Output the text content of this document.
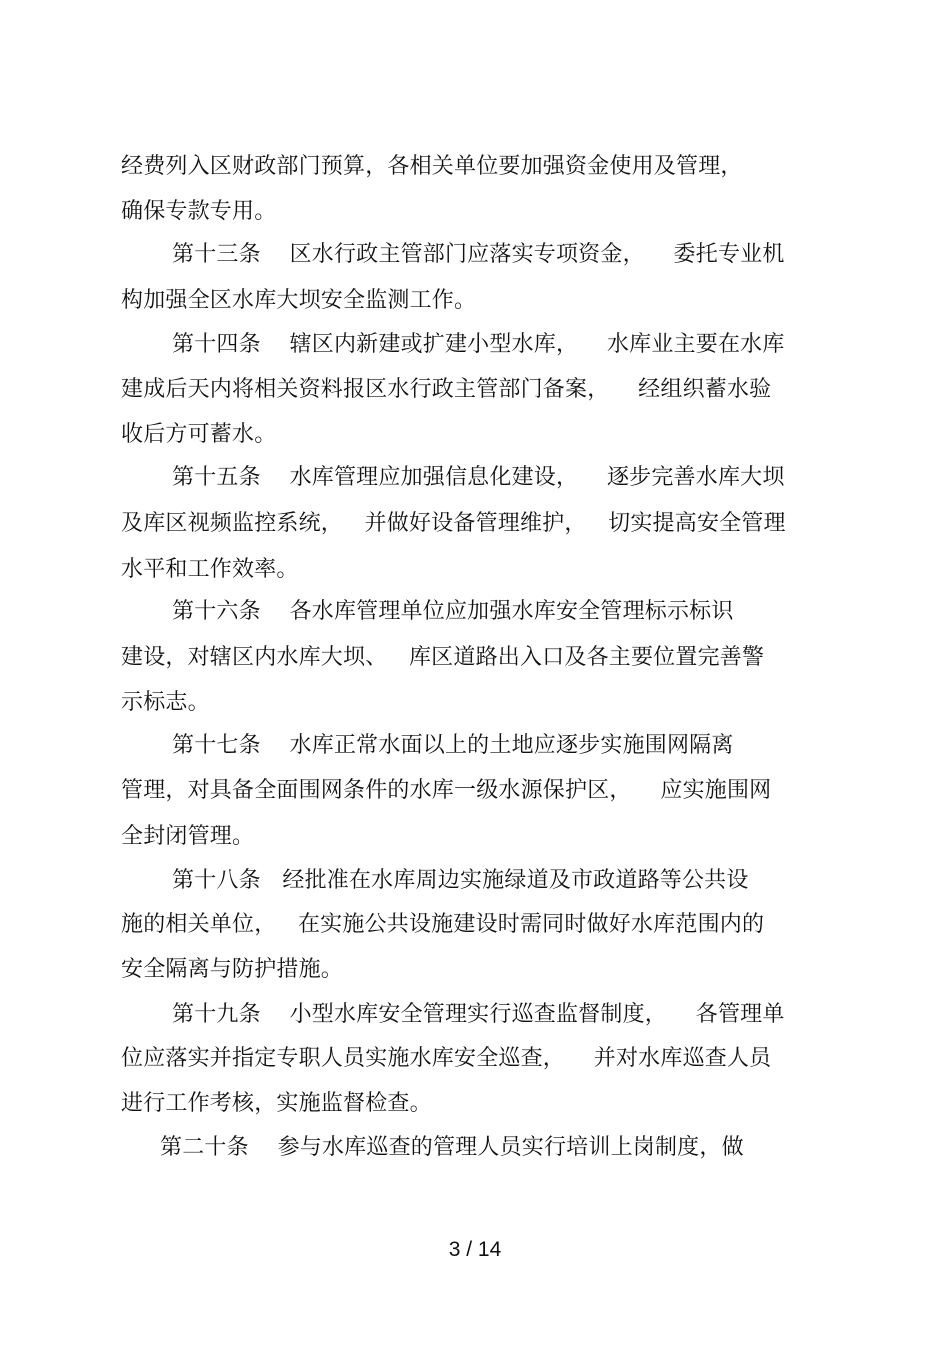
经费列入区财政部门预算，各相关单位要加强资金使用及管理，
确保专款专用。
第十三条    区水行政主管部门应落实专项资金，    委托专业机
构加强全区水库大坝安全监测工作。
第十四条    辖区内新建或扩建小型水库，    水库业主要在水库
建成后天内将相关资料报区水行政主管部门备案，    经组织蓄水验
收后方可蓄水。
第十五条    水库管理应加强信息化建设，    逐步完善水库大坝
及库区视频监控系统，   并做好设备管理维护，   切实提高安全管理
水平和工作效率。
第十六条    各水库管理单位应加强水库安全管理标示标识
建设，对辖区内水库大坝、   库区道路出入口及各主要位置完善警
示标志。
第十七条    水库正常水面以上的土地应逐步实施围网隔离
管理，对具备全面围网条件的水库一级水源保护区，    应实施围网
全封闭管理。
第十八条   经批准在水库周边实施绿道及市政道路等公共设
施的相关单位，   在实施公共设施建设时需同时做好水库范围内的
安全隔离与防护措施。
第十九条    小型水库安全管理实行巡查监督制度，    各管理单
位应落实并指定专职人员实施水库安全巡查，    并对水库巡查人员
进行工作考核，实施监督检查。
第二十条    参与水库巡查的管理人员实行培训上岗制度，做
3 / 14
